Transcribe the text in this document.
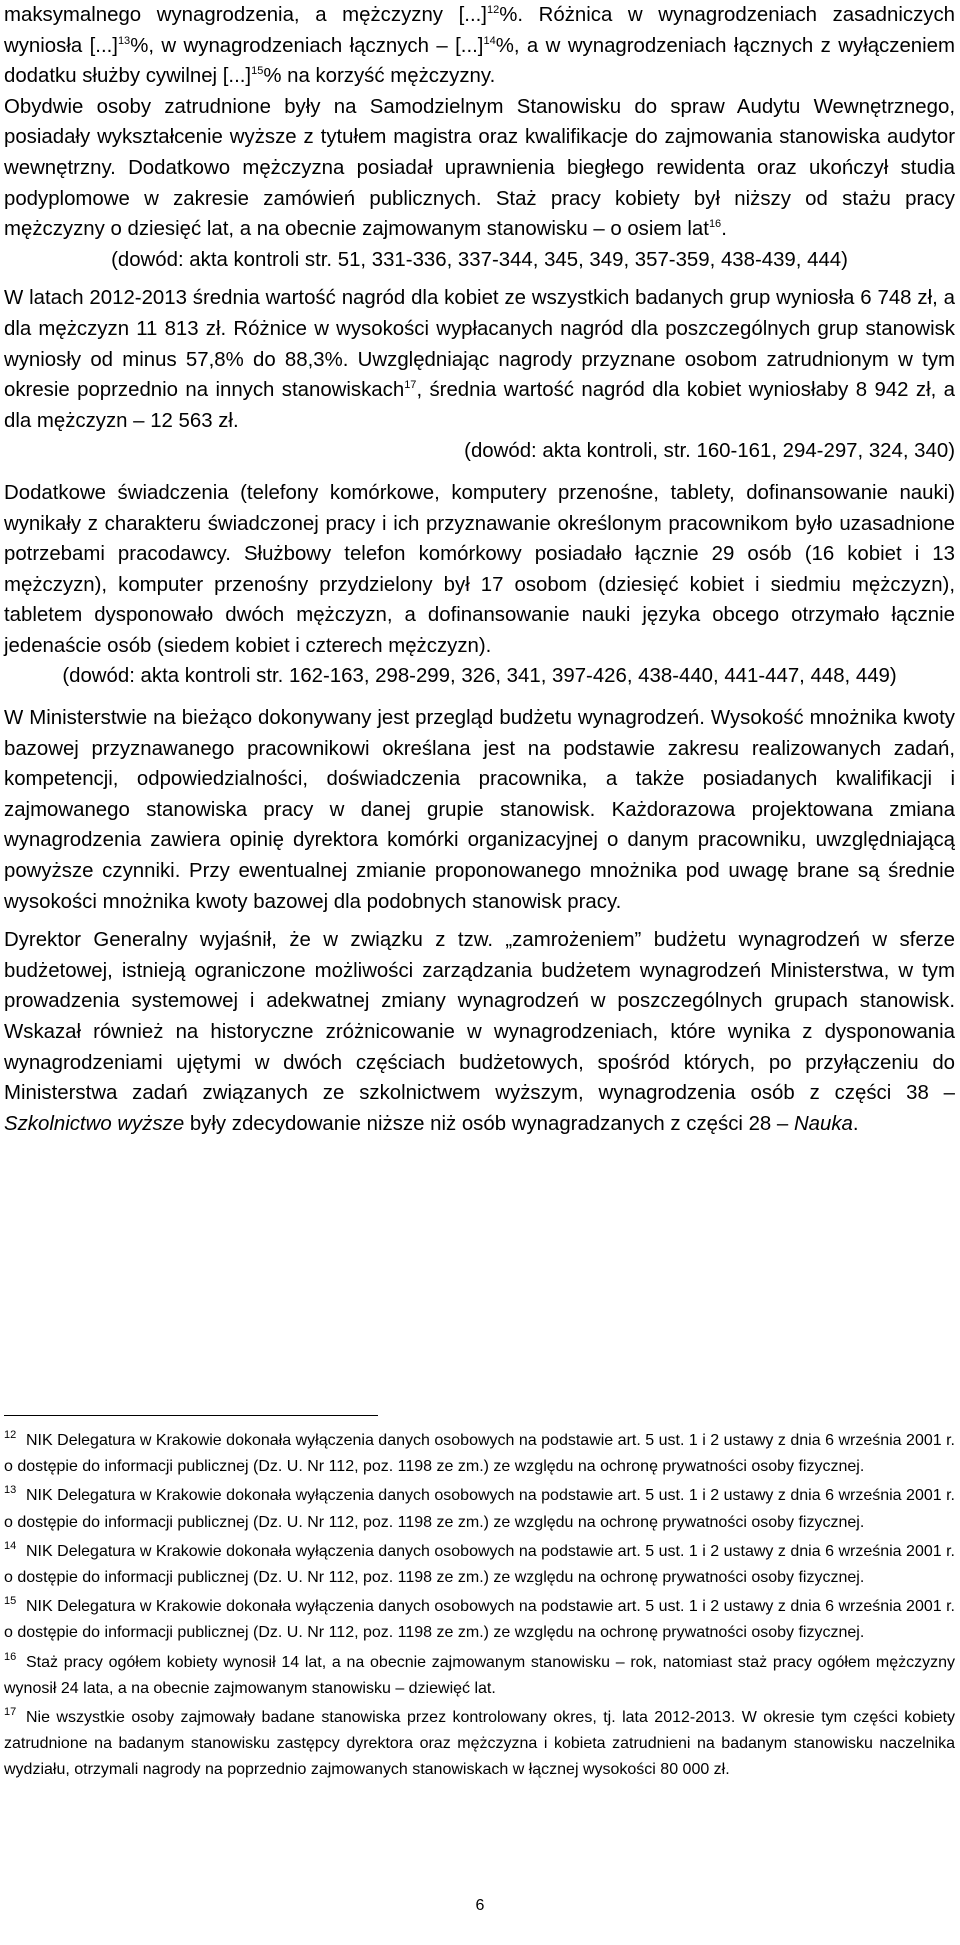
maksymalnego wynagrodzenia, a mężczyzny [...]$^{12}$%. Różnica w wynagrodzeniach zasadniczych wyniosła [...]$^{13}$%, w wynagrodzeniach łącznych – [...]$^{14}$%, a w wynagrodzeniach łącznych z wyłączeniem dodatku służby cywilnej [...]$^{15}$% na korzyść mężczyzny.

Obydwie osoby zatrudnione były na Samodzielnym Stanowisku do spraw Audytu Wewnętrznego, posiadały wykształcenie wyższe z tytułem magistra oraz kwalifikacje do zajmowania stanowiska audytor wewnętrzny. Dodatkowo mężczyzna posiadał uprawnienia biegłego rewidenta oraz ukończył studia podyplomowe w zakresie zamówień publicznych. Staż pracy kobiety był niższy od stażu pracy mężczyzny o dziesięć lat, a na obecnie zajmowanym stanowisku – o osiem lat$^{16}$.

(dowód: akta kontroli str. 51, 331-336, 337-344, 345, 349, 357-359, 438-439, 444)

W latach 2012-2013 średnia wartość nagród dla kobiet ze wszystkich badanych grup wyniosła 6 748 zł, a dla mężczyzn 11 813 zł. Różnice w wysokości wypłacanych nagród dla poszczególnych grup stanowisk wyniosły od minus 57,8% do 88,3%. Uwzględniając nagrody przyznane osobom zatrudnionym w tym okresie poprzednio na innych stanowiskach$^{17}$, średnia wartość nagród dla kobiet wyniosłaby 8 942 zł, a dla mężczyzn – 12 563 zł.

(dowód: akta kontroli, str. 160-161, 294-297, 324, 340)

Dodatkowe świadczenia (telefony komórkowe, komputery przenośne, tablety, dofinansowanie nauki) wynikały z charakteru świadczonej pracy i ich przyznawanie określonym pracownikom było uzasadnione potrzebami pracodawcy. Służbowy telefon komórkowy posiadało łącznie 29 osób (16 kobiet i 13 mężczyzn), komputer przenośny przydzielony był 17 osobom (dziesięć kobiet i siedmiu mężczyzn), tabletem dysponowało dwóch mężczyzn, a dofinansowanie nauki języka obcego otrzymało łącznie jedenaście osób (siedem kobiet i czterech mężczyzn).

(dowód: akta kontroli str. 162-163, 298-299, 326, 341, 397-426, 438-440, 441-447, 448, 449)

W Ministerstwie na bieżąco dokonywany jest przegląd budżetu wynagrodzeń. Wysokość mnożnika kwoty bazowej przyznawanego pracownikowi określana jest na podstawie zakresu realizowanych zadań, kompetencji, odpowiedzialności, doświadczenia pracownika, a także posiadanych kwalifikacji i zajmowanego stanowiska pracy w danej grupie stanowisk. Każdorazowa projektowana zmiana wynagrodzenia zawiera opinię dyrektora komórki organizacyjnej o danym pracowniku, uwzględniającą powyższe czynniki. Przy ewentualnej zmianie proponowanego mnożnika pod uwagę brane są średnie wysokości mnożnika kwoty bazowej dla podobnych stanowisk pracy.

Dyrektor Generalny wyjaśnił, że w związku z tzw. „zamrożeniem” budżetu wynagrodzeń w sferze budżetowej, istnieją ograniczone możliwości zarządzania budżetem wynagrodzeń Ministerstwa, w tym prowadzenia systemowej i adekwatnej zmiany wynagrodzeń w poszczególnych grupach stanowisk. Wskazał również na historyczne zróżnicowanie w wynagrodzeniach, które wynika z dysponowania wynagrodzeniami ujętymi w dwóch częściach budżetowych, spośród których, po przyłączeniu do Ministerstwa zadań związanych ze szkolnictwem wyższym, wynagrodzenia osób z części 38 – Szkolnictwo wyższe były zdecydowanie niższe niż osób wynagradzanych z części 28 – Nauka.

12 NIK Delegatura w Krakowie dokonała wyłączenia danych osobowych na podstawie art. 5 ust. 1 i 2 ustawy z dnia 6 września 2001 r. o dostępie do informacji publicznej (Dz. U. Nr 112, poz. 1198 ze zm.) ze względu na ochronę prywatności osoby fizycznej.

13 NIK Delegatura w Krakowie dokonała wyłączenia danych osobowych na podstawie art. 5 ust. 1 i 2 ustawy z dnia 6 września 2001 r. o dostępie do informacji publicznej (Dz. U. Nr 112, poz. 1198 ze zm.) ze względu na ochronę prywatności osoby fizycznej.

14 NIK Delegatura w Krakowie dokonała wyłączenia danych osobowych na podstawie art. 5 ust. 1 i 2 ustawy z dnia 6 września 2001 r. o dostępie do informacji publicznej (Dz. U. Nr 112, poz. 1198 ze zm.) ze względu na ochronę prywatności osoby fizycznej.

15 NIK Delegatura w Krakowie dokonała wyłączenia danych osobowych na podstawie art. 5 ust. 1 i 2 ustawy z dnia 6 września 2001 r. o dostępie do informacji publicznej (Dz. U. Nr 112, poz. 1198 ze zm.) ze względu na ochronę prywatności osoby fizycznej.

16 Staż pracy ogółem kobiety wynosił 14 lat, a na obecnie zajmowanym stanowisku – rok, natomiast staż pracy ogółem mężczyzny wynosił 24 lata, a na obecnie zajmowanym stanowisku – dziewięć lat.

17 Nie wszystkie osoby zajmowały badane stanowiska przez kontrolowany okres, tj. lata 2012-2013. W okresie tym części kobiety zatrudnione na badanym stanowisku zastępcy dyrektora oraz mężczyzna i kobieta zatrudnieni na badanym stanowisku naczelnika wydziału, otrzymali nagrody na poprzednio zajmowanych stanowiskach w łącznej wysokości 80 000 zł.

6
